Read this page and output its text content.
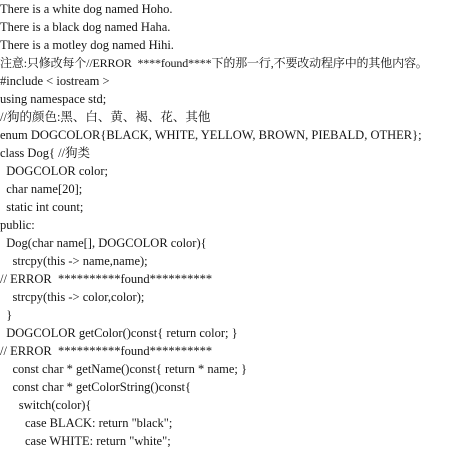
There is a white dog named Hoho.
There is a black dog named Haha.
There is a motley dog named Hihi.
注意:只修改每个//ERROR  ****found****下的那一行,不要改动程序中的其他内容。
#include < iostream >
using namespace std;
//狗的颜色:黑、白、黄、褐、花、其他
enum DOGCOLOR{BLACK, WHITE, YELLOW, BROWN, PIEBALD, OTHER};
class Dog{ //狗类
DOGCOLOR color;
char name[20];
static int count;
public:
Dog(char name[], DOGCOLOR color){
strcpy(this -> name,name);
// ERROR  **********found**********
strcpy(this -> color,color);
}
DOGCOLOR getColor()const{ return color; }
// ERROR  **********found**********
const char * getName()const{ return * name; }
const char * getColorString()const{
switch(color){
case BLACK: return "black";
case WHITE: return "white";
